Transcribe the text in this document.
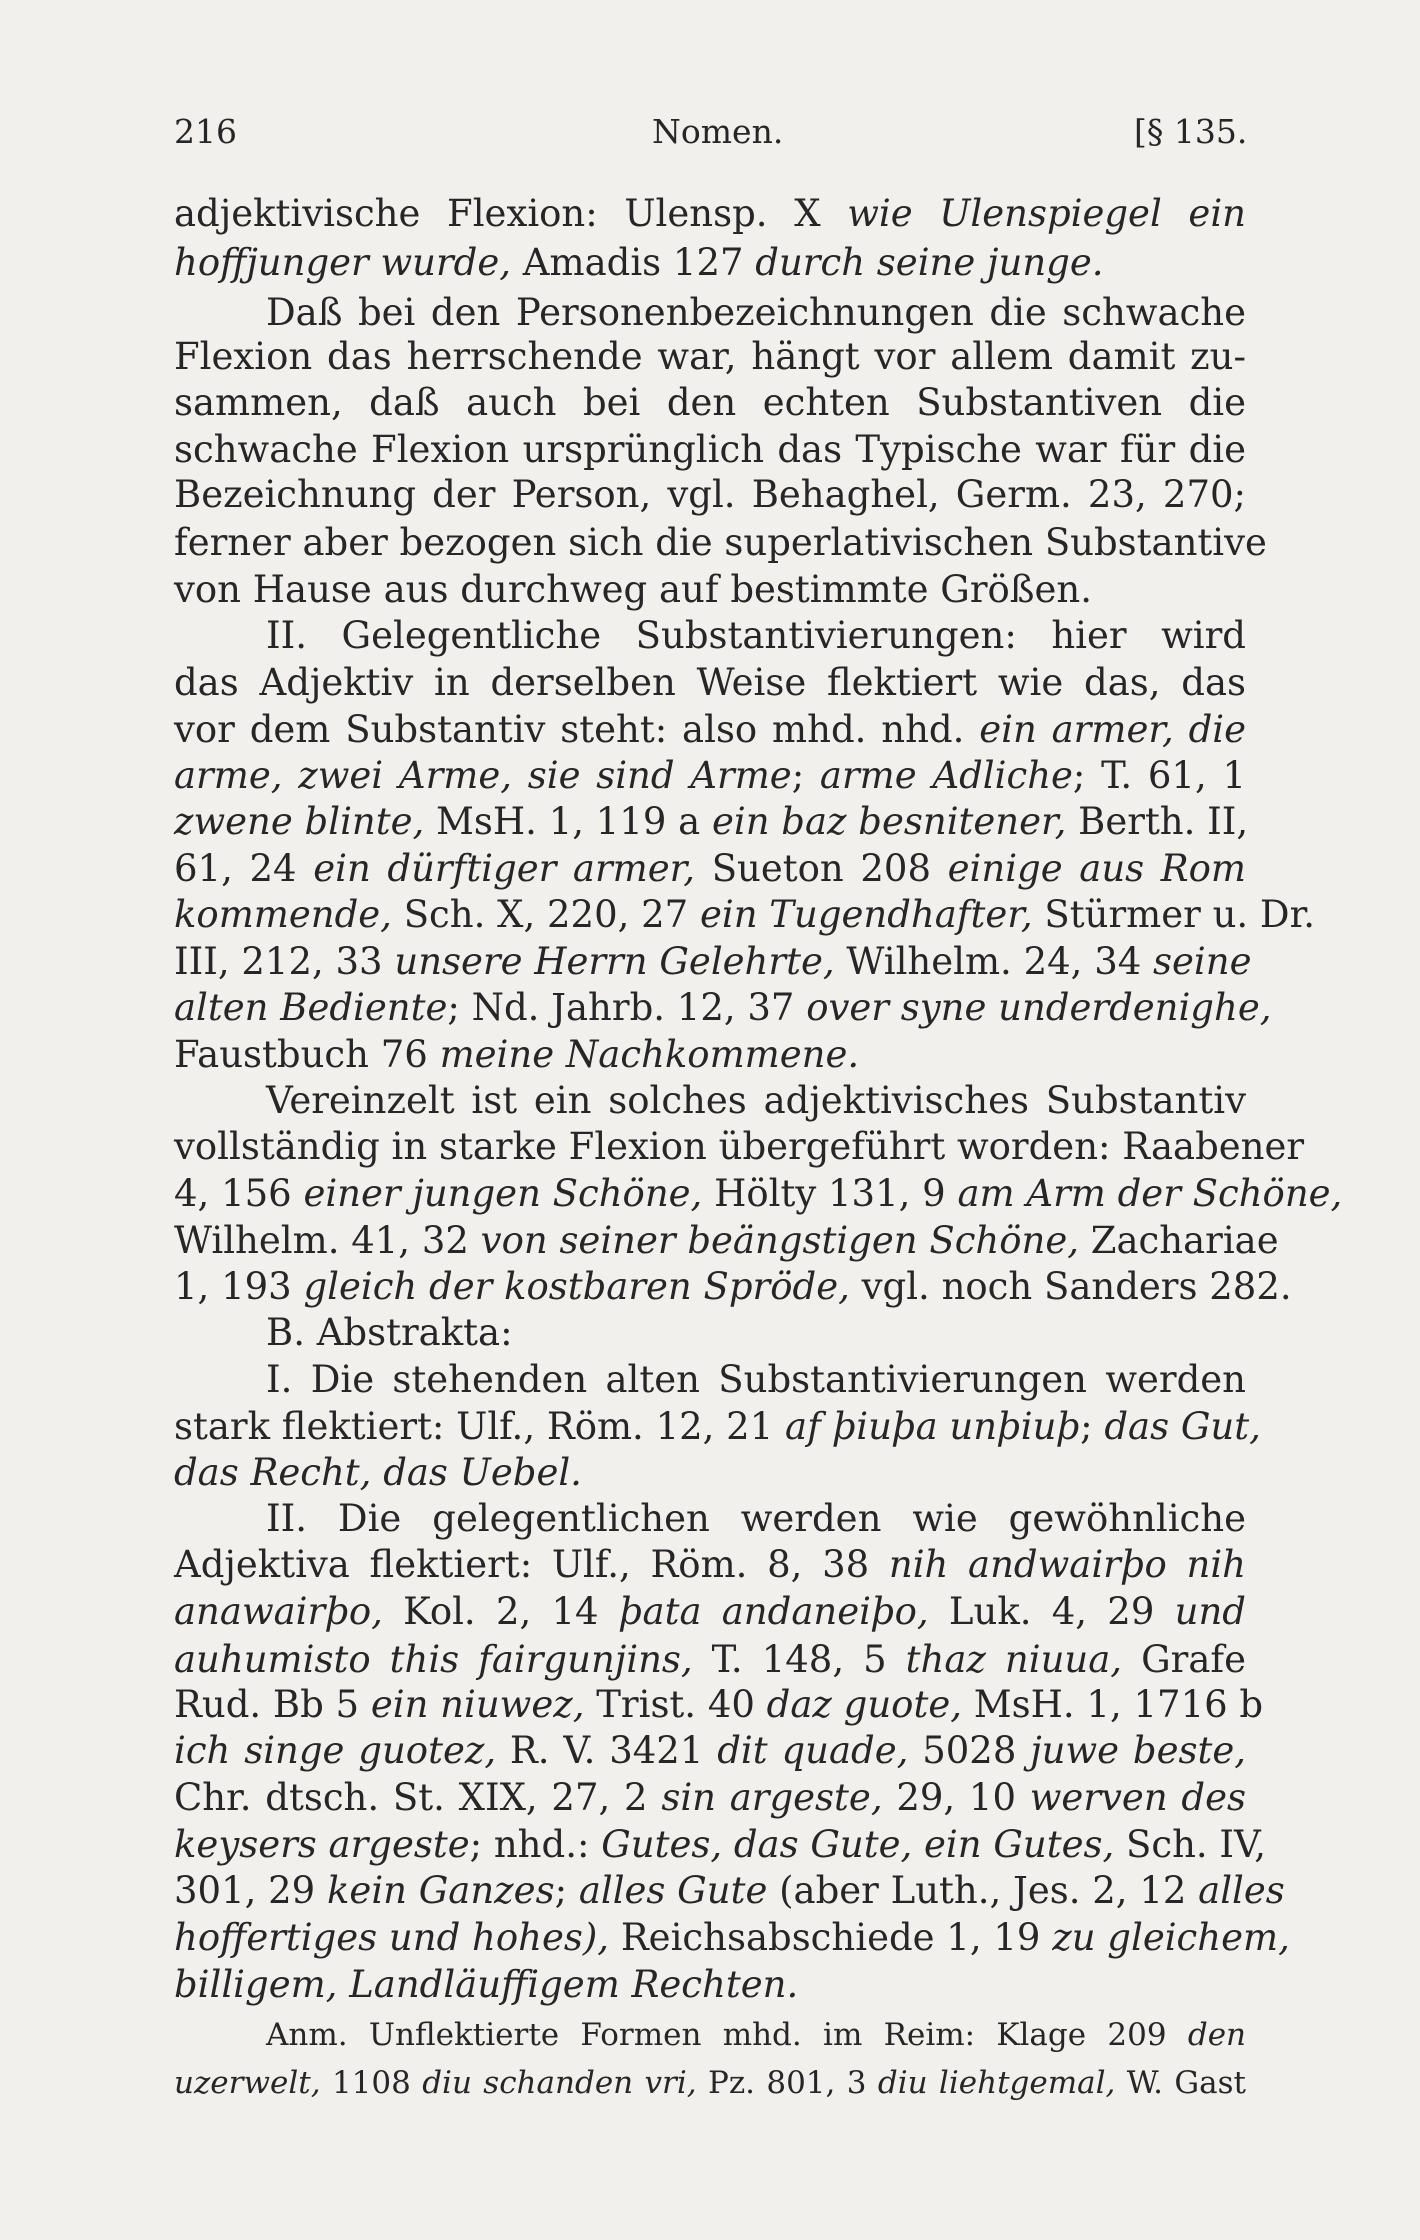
216	Nomen.	[§ 135.
adjektivische Flexion: Ulensp. X wie Ulenspiegel ein
hoffjunger wurde, Amadis 127 durch seine junge.
Daß bei den Personenbezeichnungen die schwache
Flexion das herrschende war, hängt vor allem damit zu-
sammen, daß auch bei den echten Substantiven die
schwache Flexion ursprünglich das Typische war für die
Bezeichnung der Person, vgl. Behaghel, Germ. 23, 270;
ferner aber bezogen sich die superlativischen Substantive
von Hause aus durchweg auf bestimmte Größen.
II. Gelegentliche Substantivierungen: hier wird
das Adjektiv in derselben Weise flektiert wie das, das
vor dem Substantiv steht: also mhd. nhd. ein armer, die
arme, zwei Arme, sie sind Arme; arme Adliche; T. 61, 1
zwene blinte, MsH. 1, 119 a ein baz besnitener, Berth. II,
61, 24 ein dürftiger armer, Sueton 208 einige aus Rom
kommende, Sch. X, 220, 27 ein Tugendhafter, Stürmer u. Dr.
III, 212, 33 unsere Herrn Gelehrte, Wilhelm. 24, 34 seine
alten Bediente; Nd. Jahrb. 12, 37 over syne underdenighe,
Faustbuch 76 meine Nachkommene.
Vereinzelt ist ein solches adjektivisches Substantiv
vollständig in starke Flexion übergeführt worden: Raabener
4, 156 einer jungen Schöne, Hölty 131, 9 am Arm der Schöne,
Wilhelm. 41, 32 von seiner beängstigen Schöne, Zachariae
1, 193 gleich der kostbaren Spröde, vgl. noch Sanders 282.
B. Abstrakta:
I. Die stehenden alten Substantivierungen werden
stark flektiert: Ulf., Röm. 12, 21 af þiuþa unþiuþ; das Gut,
das Recht, das Uebel.
II. Die gelegentlichen werden wie gewöhnliche
Adjektiva flektiert: Ulf., Röm. 8, 38 nih andwairþo nih
anawairþo, Kol. 2, 14 þata andaneiþo, Luk. 4, 29 und
auhumisto this fairgunjins, T. 148, 5 thaz niuua, Grafe
Rud. Bb 5 ein niuwez, Trist. 40 daz guote, MsH. 1, 1716 b
ich singe guotez, R. V. 3421 dit quade, 5028 juwe beste,
Chr. dtsch. St. XIX, 27, 2 sin argeste, 29, 10 werven des
keysers argeste; nhd.: Gutes, das Gute, ein Gutes, Sch. IV,
301, 29 kein Ganzes; alles Gute (aber Luth., Jes. 2, 12 alles
hoffertiges und hohes), Reichsabschiede 1, 19 zu gleichem,
billigem, Landläuffigem Rechten.
Anm. Unflektierte Formen mhd. im Reim: Klage 209 den
uzerwelt, 1108 diu schanden vri, Pz. 801, 3 diu liehtgemal, W. Gast
